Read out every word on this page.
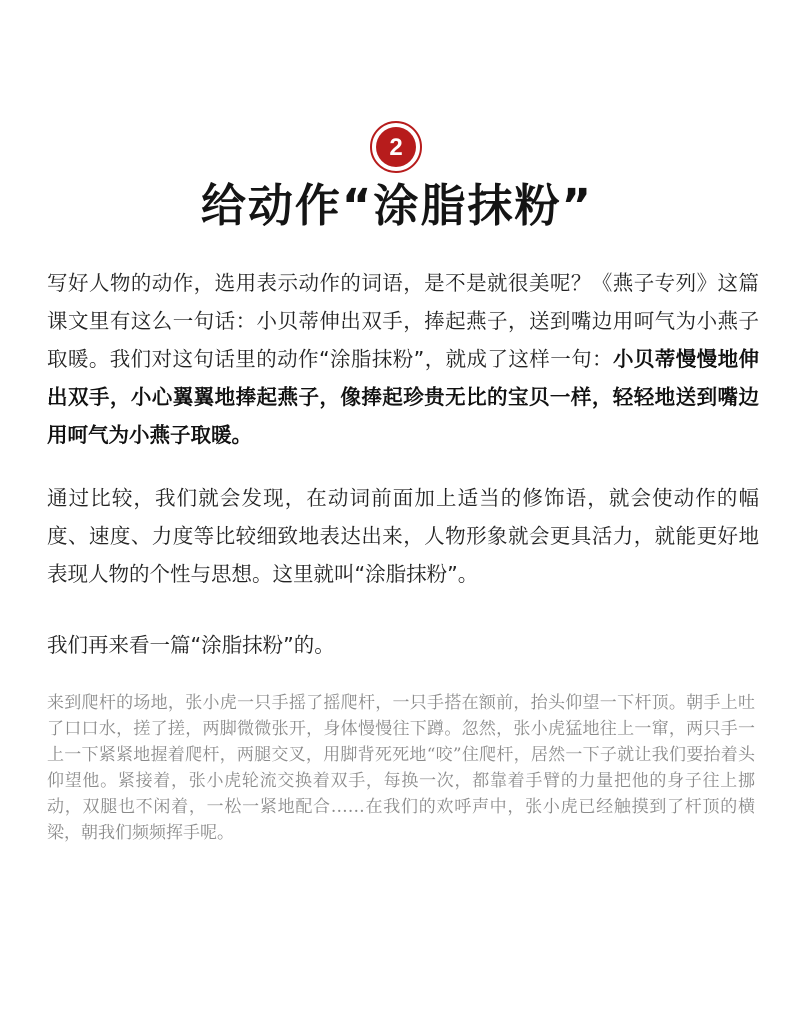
2
给动作“涂脂抹粉”
写好人物的动作，选用表示动作的词语，是不是就很美呢？《燕子专列》这篇课文里有这么一句话：小贝蒂伸出双手，捧起燕子，送到嘴边用呵气为小燕子取暖。我们对这句话里的动作“涂脂抹粉”，就成了这样一句：小贝蒂慢慢地伸出双手，小心翼翼地捧起燕子，像捧起珍贵无比的宝贝一样，轻轻地送到嘴边用呵气为小燕子取暖。
通过比较，我们就会发现，在动词前面加上适当的修饰语，就会使动作的幅度、速度、力度等比较细致地表达出来，人物形象就会更具活力，就能更好地表现人物的个性与思想。这里就叫“涂脂抹粉”。
我们再来看一篇“涂脂抹粉”的。
来到爬杆的场地，张小虎一只手摇了摇爬杆，一只手搭在额前，抬头仰望一下杆顶。朝手上吐了口口水，搓了搓，两脚微微张开，身体慢慢往下蹲。忽然，张小虎猛地往上一窜，两只手一上一下紧紧地握着爬杆，两腿交叉，用脚背死死地“咬”住爬杆，居然一下子就让我们要抬着头仰望他。紧接着，张小虎轮流交换着双手，每换一次，都靠着手臂的力量把他的身子往上挪动，双腿也不闲着，一松一紧地配合……在我们的欢呼声中，张小虎已经触摸到了杆顶的横梁，朝我们频频挥手呢。
